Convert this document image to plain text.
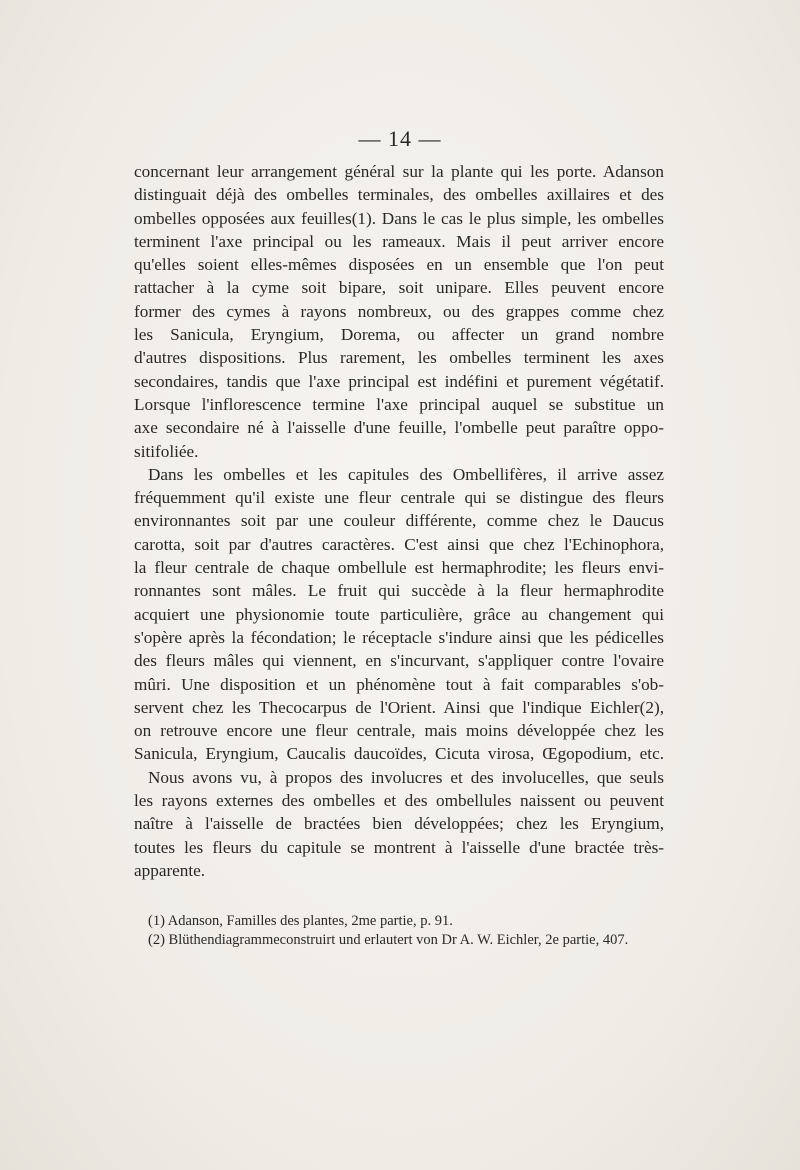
— 14 —

concernant leur arrangement général sur la plante qui les porte. Adanson
distinguait déjà des ombelles terminales, des ombelles axillaires et des
ombelles opposées aux feuilles(1). Dans le cas le plus simple, les ombelles
terminent l'axe principal ou les rameaux. Mais il peut arriver encore
qu'elles soient elles-mêmes disposées en un ensemble que l'on peut
rattacher à la cyme soit bipare, soit unipare. Elles peuvent encore
former des cymes à rayons nombreux, ou des grappes comme chez
les Sanicula, Eryngium, Dorema, ou affecter un grand nombre
d'autres dispositions. Plus rarement, les ombelles terminent les axes
secondaires, tandis que l'axe principal est indéfini et purement végétatif.
Lorsque l'inflorescence termine l'axe principal auquel se substitue un
axe secondaire né à l'aisselle d'une feuille, l'ombelle peut paraître oppo-
sitifoliée.

Dans les ombelles et les capitules des Ombellifères, il arrive assez
fréquemment qu'il existe une fleur centrale qui se distingue des fleurs
environnantes soit par une couleur différente, comme chez le Daucus
carotta, soit par d'autres caractères. C'est ainsi que chez l'Echinophora,
la fleur centrale de chaque ombellule est hermaphrodite; les fleurs envi-
ronnantes sont mâles. Le fruit qui succède à la fleur hermaphrodite
acquiert une physionomie toute particulière, grâce au changement qui
s'opère après la fécondation; le réceptacle s'indure ainsi que les pédicelles
des fleurs mâles qui viennent, en s'incurvant, s'appliquer contre l'ovaire
mûri. Une disposition et un phénomène tout à fait comparables s'ob-
servent chez les Thecocarpus de l'Orient. Ainsi que l'indique Eichler(2),
on retrouve encore une fleur centrale, mais moins développée chez les
Sanicula, Eryngium, Caucalis daucoïdes, Cicuta virosa, Œgopodium, etc.

Nous avons vu, à propos des involucres et des involucelles, que seuls
les rayons externes des ombelles et des ombellules naissent ou peuvent
naître à l'aisselle de bractées bien développées; chez les Eryngium,
toutes les fleurs du capitule se montrent à l'aisselle d'une bractée très-
apparente.

(1) Adanson, Familles des plantes, 2me partie, p. 91.
(2) Blüthendiagrammeconstruirt und erlautert von Dr A. W. Eichler, 2e partie, 407.
